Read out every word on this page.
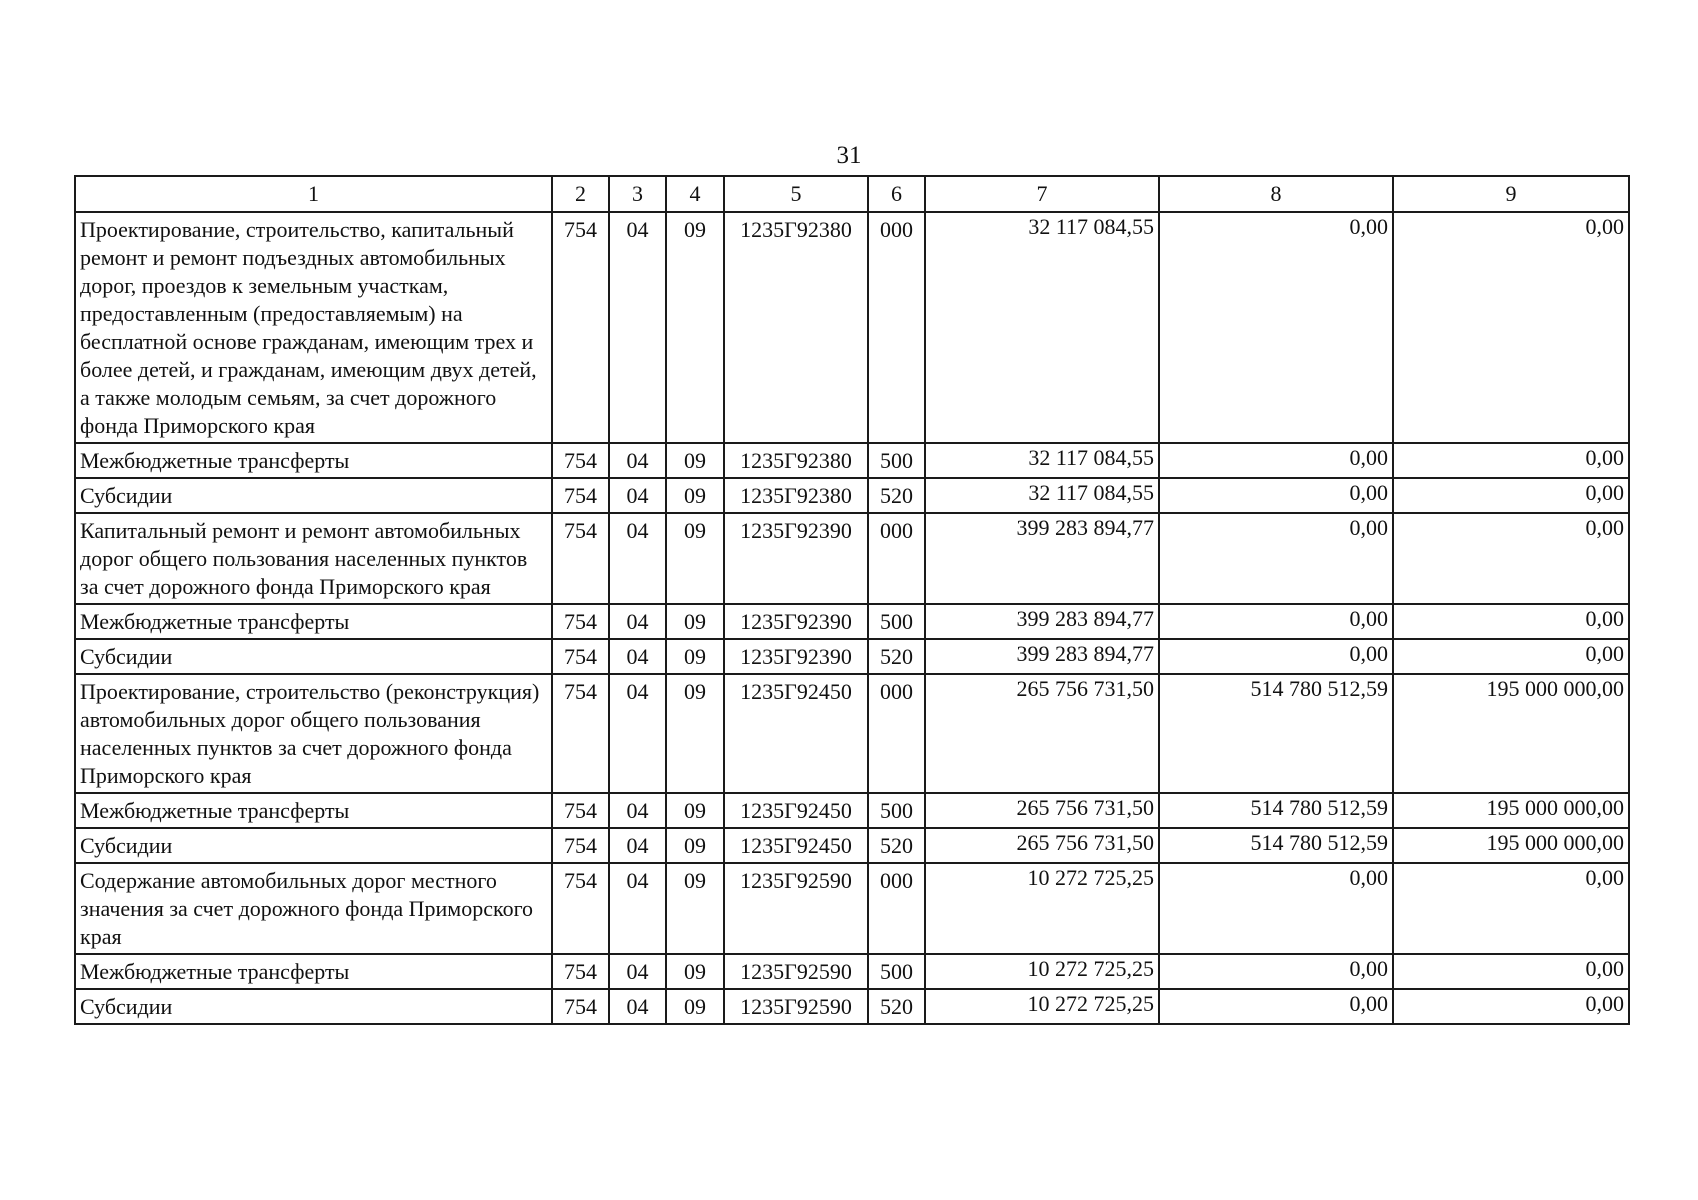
31
1	2	3	4	5	6	7	8	9
Проектирование, строительство, капитальный ремонт и ремонт подъездных автомобильных дорог, проездов к земельным участкам, предоставленным (предоставляемым) на бесплатной основе гражданам, имеющим трех и более детей, и гражданам, имеющим двух детей, а также молодым семьям, за счет дорожного фонда Приморского края	754	04	09	1235Г92380	000	32 117 084,55	0,00	0,00
Межбюджетные трансферты	754	04	09	1235Г92380	500	32 117 084,55	0,00	0,00
Субсидии	754	04	09	1235Г92380	520	32 117 084,55	0,00	0,00
Капитальный ремонт и ремонт автомобильных дорог общего пользования населенных пунктов за счет дорожного фонда Приморского края	754	04	09	1235Г92390	000	399 283 894,77	0,00	0,00
Межбюджетные трансферты	754	04	09	1235Г92390	500	399 283 894,77	0,00	0,00
Субсидии	754	04	09	1235Г92390	520	399 283 894,77	0,00	0,00
Проектирование, строительство (реконструкция) автомобильных дорог общего пользования населенных пунктов за счет дорожного фонда Приморского края	754	04	09	1235Г92450	000	265 756 731,50	514 780 512,59	195 000 000,00
Межбюджетные трансферты	754	04	09	1235Г92450	500	265 756 731,50	514 780 512,59	195 000 000,00
Субсидии	754	04	09	1235Г92450	520	265 756 731,50	514 780 512,59	195 000 000,00
Содержание автомобильных дорог местного значения за счет дорожного фонда Приморского края	754	04	09	1235Г92590	000	10 272 725,25	0,00	0,00
Межбюджетные трансферты	754	04	09	1235Г92590	500	10 272 725,25	0,00	0,00
Субсидии	754	04	09	1235Г92590	520	10 272 725,25	0,00	0,00
